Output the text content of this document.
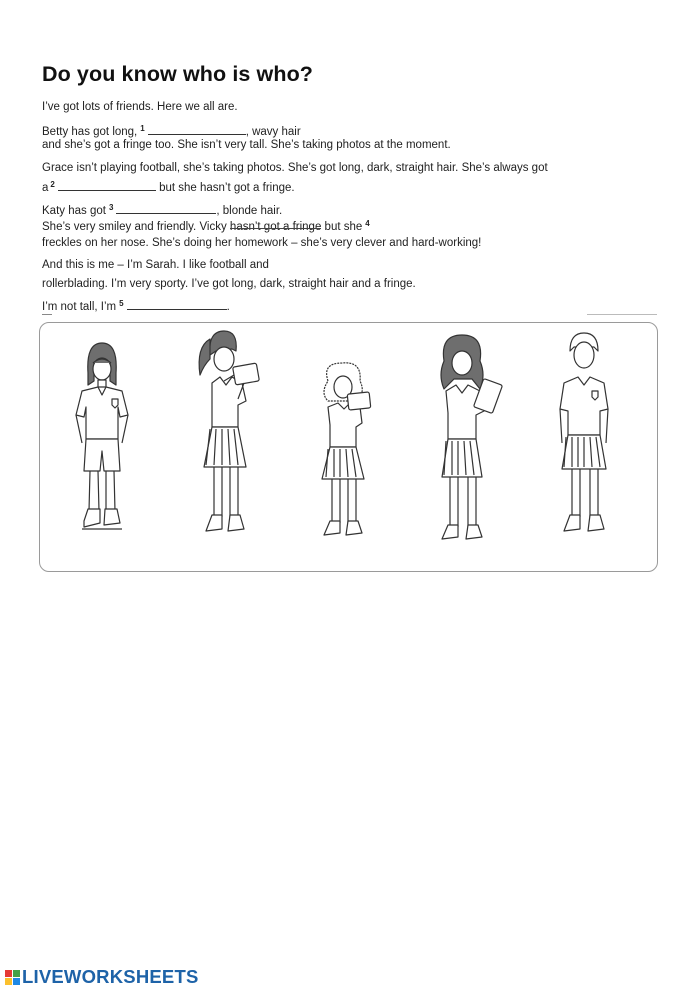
Do you know who is who?
I’ve got lots of friends. Here we all are.
Betty has got long, $^1$	, wavy hair
and she’s got a fringe too. She isn’t very tall. She’s taking photos at the moment.
Grace isn’t playing football, she’s taking photos. She’s got long, dark, straight hair. She’s always got
a $^2$	but she hasn’t got a fringe.
Katy has got $^3$	, blonde hair.
She’s very smiley and friendly. Vicky hasn’t got a fringe but she $^4$
freckles on her nose. She’s doing her homework – she’s very clever and hard-working!
And this is me – I’m Sarah. I like football and
rollerblading. I’m very sporty. I’ve got long, dark, straight hair and a fringe.
I’m not tall, I’m $^5$	.
LIVEWORKSHEETS
